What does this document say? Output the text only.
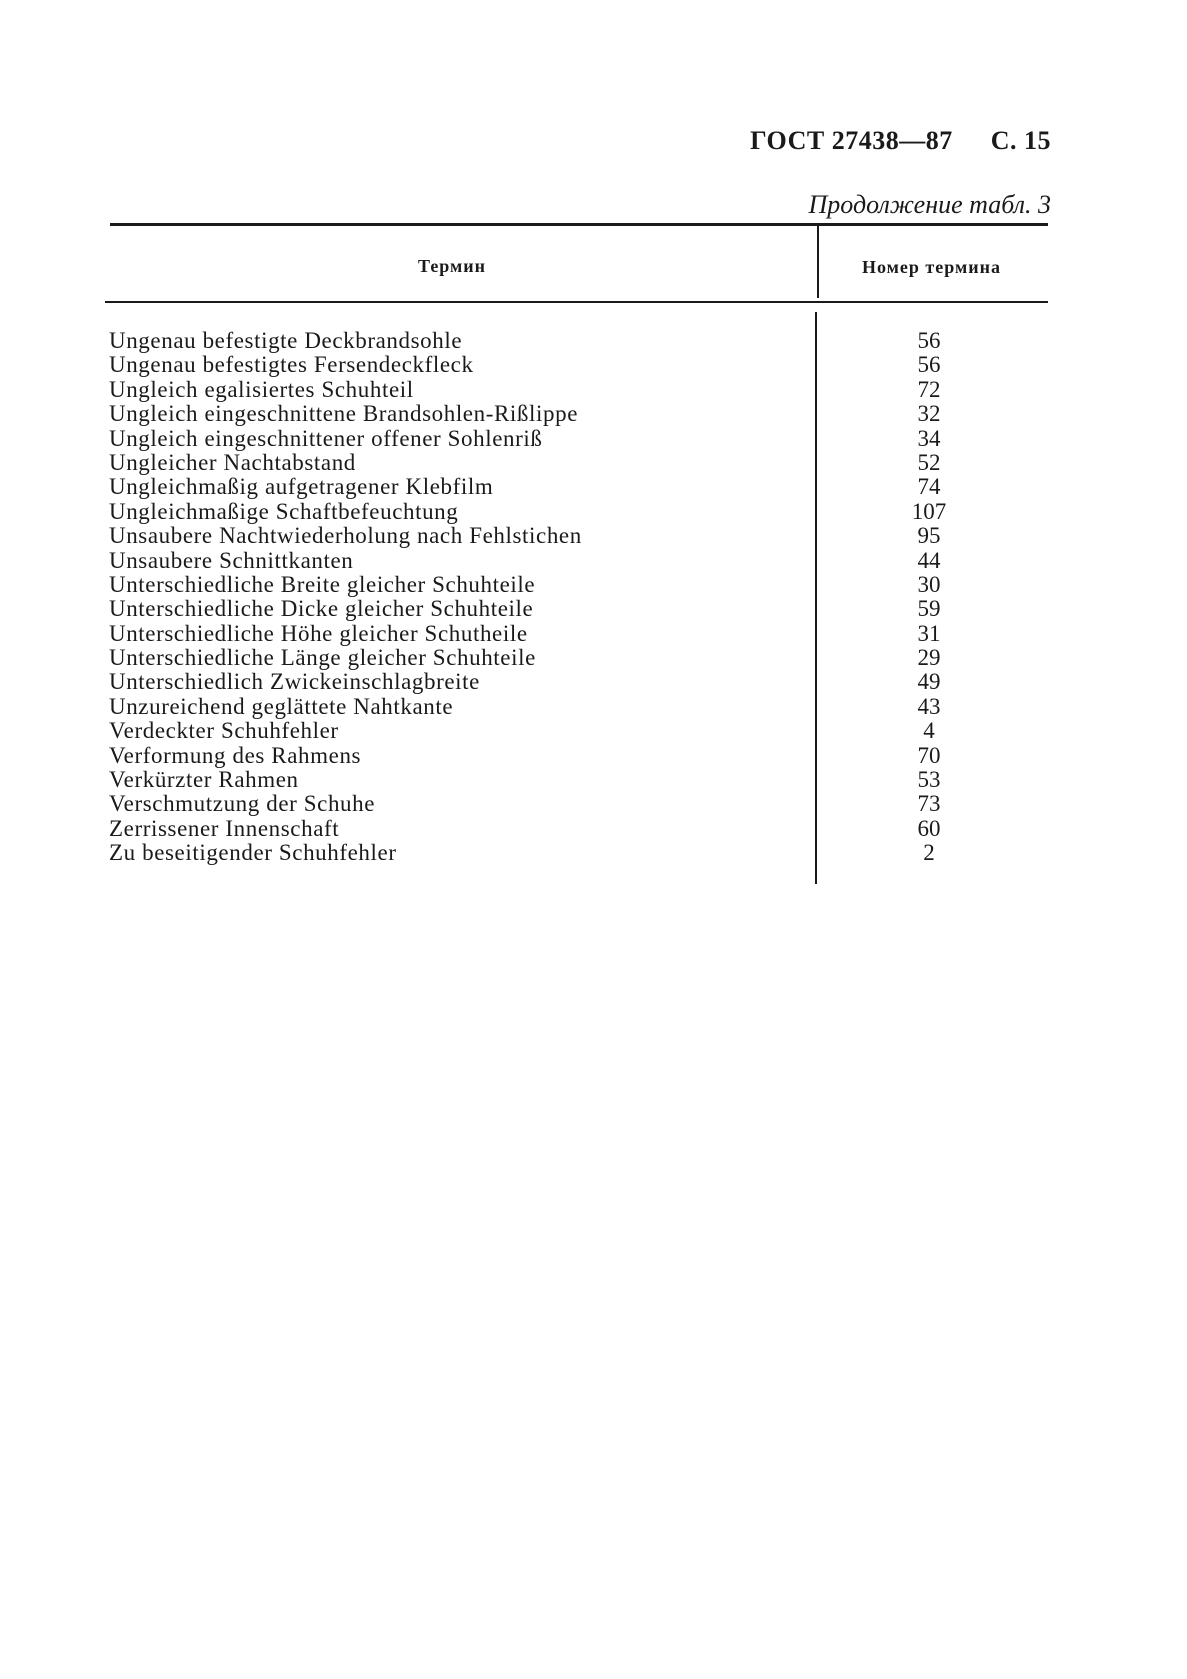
ГОСТ 27438—87 С. 15
Продолжение табл. 3
Термин	Номер термина
Ungenau befestigte Deckbrandsohle	56
Ungenau befestigtes Fersendeckfleck	56
Ungleich egalisiertes Schuhteil	72
Ungleich eingeschnittene Brandsohlen-Rißlippe	32
Ungleich eingeschnittener offener Sohlenriß	34
Ungleicher Nachtabstand	52
Ungleichmaßig aufgetragener Klebfilm	74
Ungleichmaßige Schaftbefeuchtung	107
Unsaubere Nachtwiederholung nach Fehlstichen	95
Unsaubere Schnittkanten	44
Unterschiedliche Breite gleicher Schuhteile	30
Unterschiedliche Dicke gleicher Schuhteile	59
Unterschiedliche Höhe gleicher Schutheile	31
Unterschiedliche Länge gleicher Schuhteile	29
Unterschiedlich Zwickeinschlagbreite	49
Unzureichend geglättete Nahtkante	43
Verdeckter Schuhfehler	4
Verformung des Rahmens	70
Verkürzter Rahmen	53
Verschmutzung der Schuhe	73
Zerrissener Innenschaft	60
Zu beseitigender Schuhfehler	2
